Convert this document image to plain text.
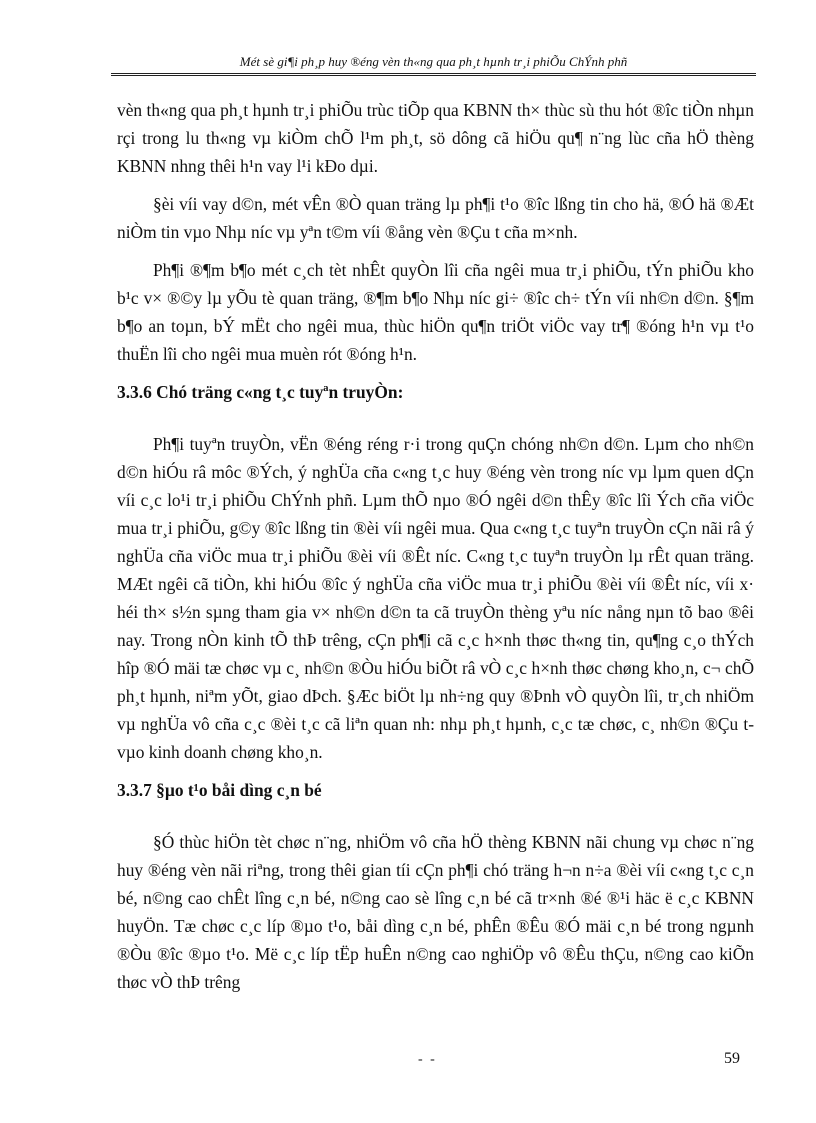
Mét sè gi¶i ph¸p huy ®éng vèn th«ng qua ph¸t hµnh tr¸i phiÕu ChÝnh phñ

vèn th«ng qua ph¸t hµnh tr¸i phiÕu trùc tiÕp qua KBNN th× thùc sù thu hót ®îc tiÒn nhµn rçi trong lu th«ng vµ kiÒm chÕ l¹m ph¸t, sö dông cã hiÖu qu¶ n¨ng lùc cña hÖ thèng KBNN nhng thêi h¹n vay l¹i kÐo dµi.

§èi víi vay d©n, mét vÊn ®Ò quan träng lµ ph¶i t¹o ®îc lßng tin cho hä, ®Ó hä ®Æt niÒm tin vµo Nhµ níc vµ yªn t©m víi ®ång vèn ®Çu t cña m×nh.

Ph¶i ®¶m b¶o mét c¸ch tèt nhÊt quyÒn lîi cña ngêi mua tr¸i phiÕu, tÝn phiÕu kho b¹c v× ®©y lµ yÕu tè quan träng, ®¶m b¶o Nhµ níc gi÷ ®îc ch÷ tÝn víi nh©n d©n. §¶m b¶o an toµn, bÝ mËt cho ngêi mua, thùc hiÖn qu¶n triÖt viÖc vay tr¶ ®óng h¹n vµ t¹o thuËn lîi cho ngêi mua muèn rót ®óng h¹n.

3.3.6 Chó träng c«ng t¸c tuyªn truyÒn:

Ph¶i tuyªn truyÒn, vËn ®éng réng r·i trong quÇn chóng nh©n d©n. Lµm cho nh©n d©n hiÓu râ môc ®Ých, ý nghÜa cña c«ng t¸c huy ®éng vèn trong níc vµ lµm quen dÇn víi c¸c lo¹i tr¸i phiÕu ChÝnh phñ. Lµm thÕ nµo ®Ó ngêi d©n thÊy ®îc lîi Ých cña viÖc mua tr¸i phiÕu, g©y ®îc lßng tin ®èi víi ngêi mua. Qua c«ng t¸c tuyªn truyÒn cÇn nãi râ ý nghÜa cña viÖc mua tr¸i phiÕu ®èi víi ®Êt níc. C«ng t¸c tuyªn truyÒn lµ rÊt quan träng. MÆt ngêi cã tiÒn, khi hiÓu ®îc ý nghÜa cña viÖc mua tr¸i phiÕu ®èi víi ®Êt níc, víi x· héi th× s½n sµng tham gia v× nh©n d©n ta cã truyÒn thèng yªu níc nång nµn tõ bao ®êi nay. Trong nÒn kinh tÕ thÞ trêng, cÇn ph¶i cã c¸c h×nh thøc th«ng tin, qu¶ng c¸o thÝch hîp ®Ó mäi tæ chøc vµ c¸ nh©n ®Òu hiÓu biÕt râ vÒ c¸c h×nh thøc chøng kho¸n, c¬ chÕ ph¸t hµnh, niªm yÕt, giao dÞch. §Æc biÖt lµ nh÷ng quy ®Þnh vÒ quyÒn lîi, tr¸ch nhiÖm vµ nghÜa vô cña c¸c ®èi t¸c cã liªn quan nh: nhµ ph¸t hµnh, c¸c tæ chøc, c¸ nh©n ®Çu t vµo kinh doanh chøng kho¸n.

3.3.7 §µo t¹o båi dìng c¸n bé

§Ó thùc hiÖn tèt chøc n¨ng, nhiÖm vô cña hÖ thèng KBNN nãi chung vµ chøc n¨ng huy ®éng vèn nãi riªng, trong thêi gian tíi cÇn ph¶i chó träng h¬n n÷a ®èi víi c«ng t¸c c¸n bé, n©ng cao chÊt lîng c¸n bé, n©ng cao sè lîng c¸n bé cã tr×nh ®é ®¹i häc ë c¸c KBNN huyÖn. Tæ chøc c¸c líp ®µo t¹o, båi dìng c¸n bé, phÊn ®Êu ®Ó mäi c¸n bé trong ngµnh ®Òu ®îc ®µo t¹o. Më c¸c líp tËp huÊn n©ng cao nghiÖp vô ®Êu thÇu, n©ng cao kiÕn thøc vÒ thÞ trêng

- -	59
